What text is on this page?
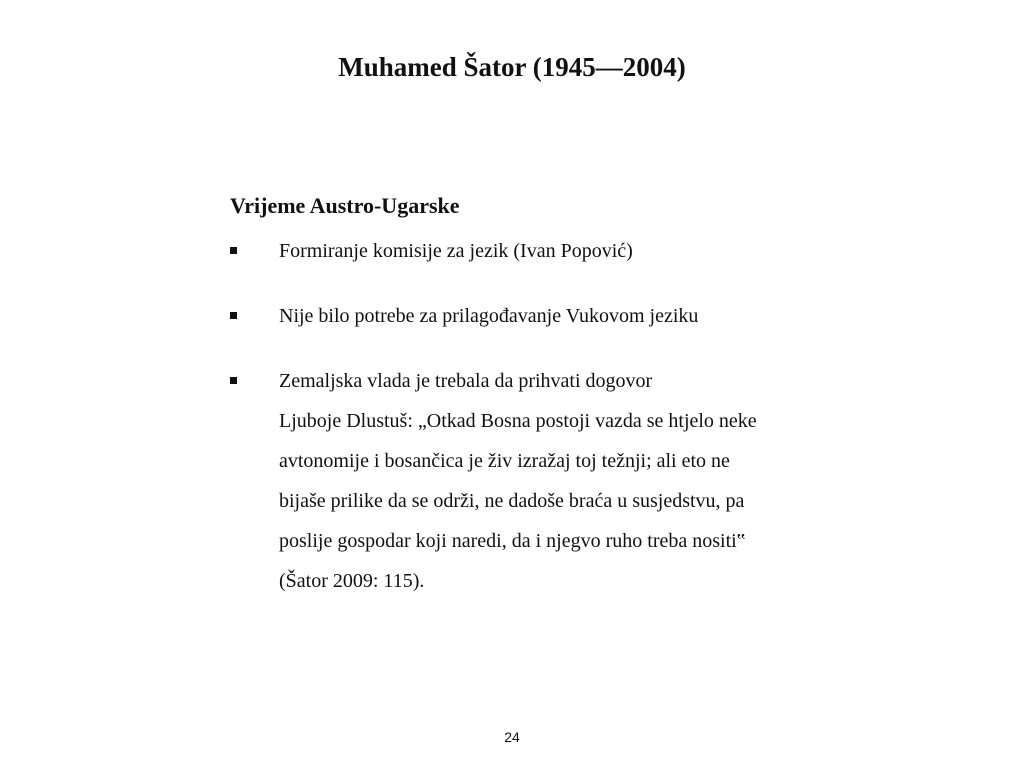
Muhamed Šator (1945—2004)
Vrijeme Austro-Ugarske
Formiranje komisije za jezik (Ivan Popović)
Nije bilo potrebe za prilagođavanje Vukovom jeziku
Zemaljska vlada je trebala da prihvati dogovor
Ljuboje Dlustuš: „Otkad Bosna postoji vazda se htjelo neke
avtonomije i bosančica je živ izražaj toj težnji; ali eto ne
bijaše prilike da se održi, ne dadoše braća u susjedstvu, pa
poslije gospodar koji naredi, da i njegvo ruho treba nositi‟
(Šator 2009: 115).
24
